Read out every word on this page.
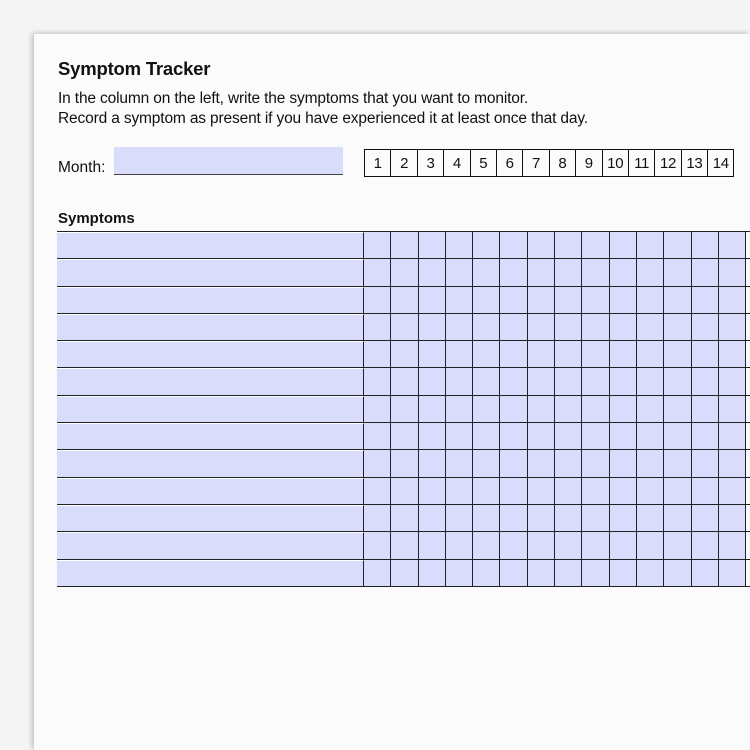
Symptom Tracker
In the column on the left, write the symptoms that you want to monitor.
Record a symptom as present if you have experienced it at least once that day.
Month:	1	2	3	4	5	6	7	8	9 10 11 12 13 14
Symptoms
